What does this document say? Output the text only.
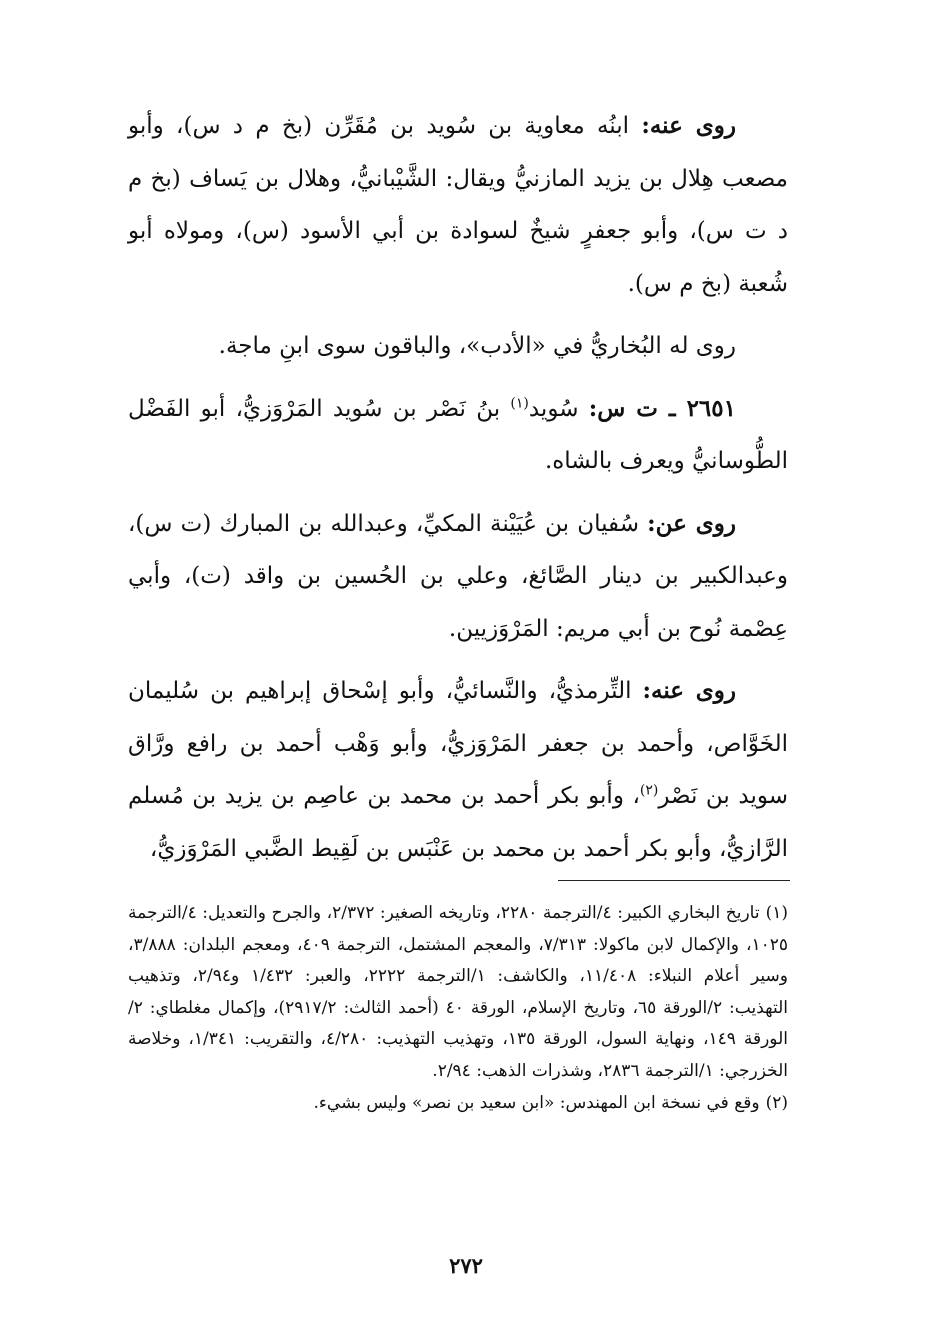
روى عنه: ابنُه معاوية بن سُويد بن مُقَرِّن (بخ م د س)، وأبو مصعب هِلال بن يزيد المازنيُّ ويقال: الشَّيْبانيُّ، وهلال بن يَساف (بخ م د ت س)، وأبو جعفرٍ شيخٌ لسوادة بن أبي الأسود (س)، ومولاه أبو شُعبة (بخ م س).

روى له البُخاريُّ في «الأدب»، والباقون سوى ابنِ ماجة.

٢٦٥١ ـ ت س: سُويد$^{(١)}$ بنُ نَصْر بن سُويد المَرْوَزيُّ، أبو الفَضْل الطُّوسانيُّ ويعرف بالشاه.

روى عن: سُفيان بن عُيَيْنة المكيِّ، وعبدالله بن المبارك (ت س)، وعبدالكبير بن دينار الصَّائغ، وعلي بن الحُسين بن واقد (ت)، وأبي عِصْمة نُوح بن أبي مريم: المَرْوَزيين.

روى عنه: التِّرمذيُّ، والنَّسائيُّ، وأبو إسْحاق إبراهيم بن سُليمان الخَوَّاص، وأحمد بن جعفر المَرْوَزيُّ، وأبو وَهْب أحمد بن رافع ورَّاق سويد بن نَصْر$^{(٢)}$، وأبو بكر أحمد بن محمد بن عاصِم بن يزيد بن مُسلم الرَّازيُّ، وأبو بكر أحمد بن محمد بن عَنْبَس بن لَقِيط الضَّبي المَرْوَزيُّ،

(١)تاريخ البخاري الكبير: ٤/الترجمة ٢٢٨٠، وتاريخه الصغير: ٢/٣٧٢، والجرح والتعديل: ٤/الترجمة ١٠٢٥، والإكمال لابن ماكولا: ٧/٣١٣، والمعجم المشتمل، الترجمة ٤٠٩، ومعجم البلدان: ٣/٨٨٨، وسير أعلام النبلاء: ١١/٤٠٨، والكاشف: ١/الترجمة ٢٢٢٢، والعبر: ١/٤٣٢ و٢/٩٤، وتذهيب التهذيب: ٢/الورقة ٦٥، وتاريخ الإسلام، الورقة ٤٠ (أحمد الثالث: ٢٩١٧/٢)، وإكمال مغلطاي: ٢/الورقة ١٤٩، ونهاية السول، الورقة ١٣٥، وتهذيب التهذيب: ٤/٢٨٠، والتقريب: ١/٣٤١، وخلاصة الخزرجي: ١/الترجمة ٢٨٣٦، وشذرات الذهب: ٢/٩٤.

(٢)وقع في نسخة ابن المهندس: «ابن سعيد بن نصر» وليس بشيء.

٢٧٢
